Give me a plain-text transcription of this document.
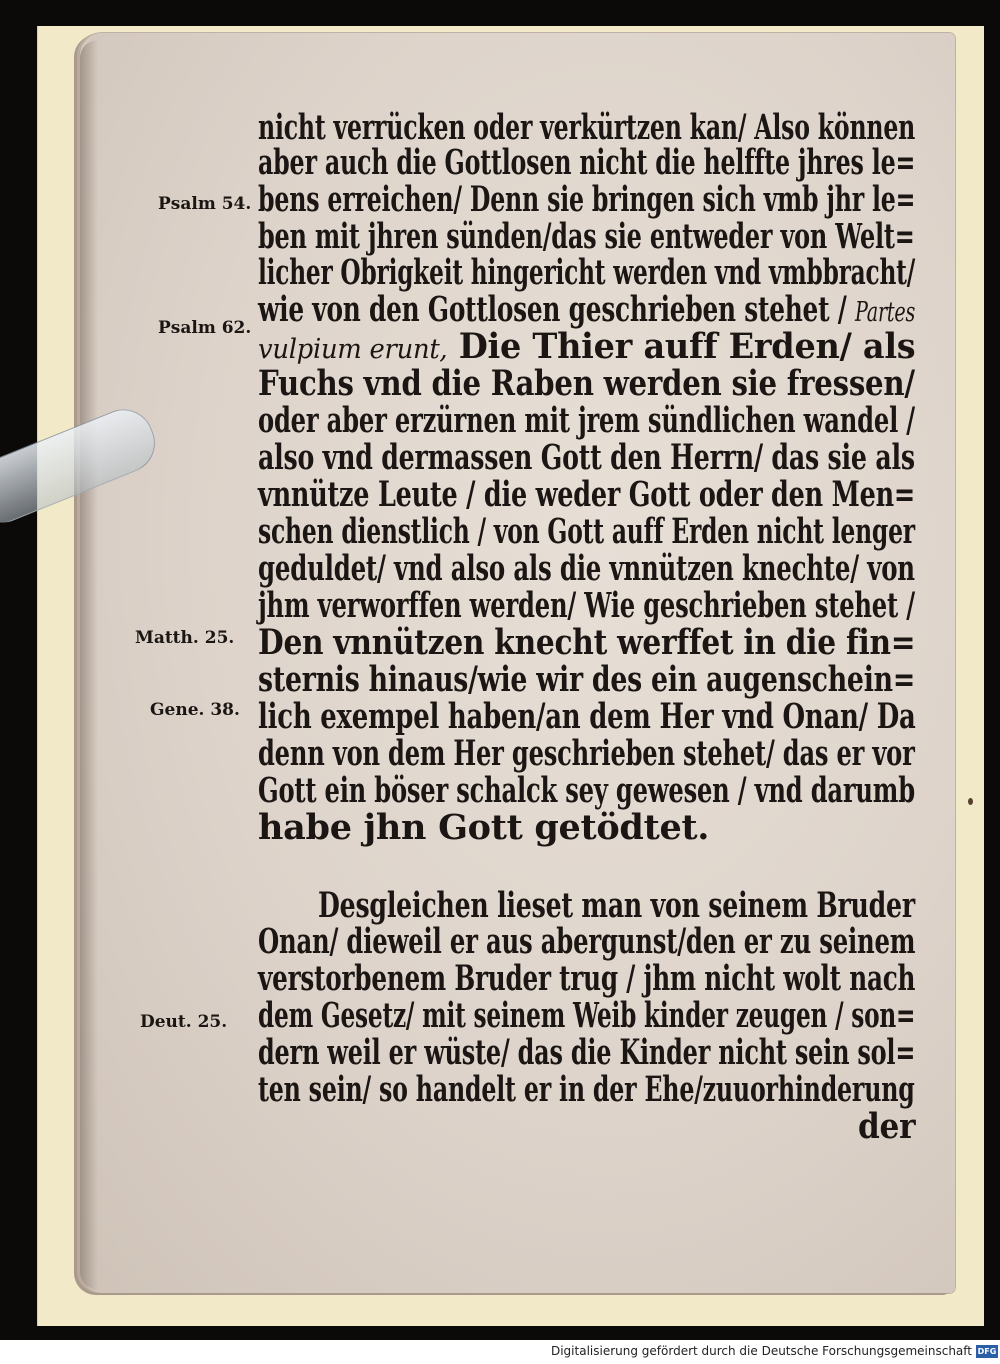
Psalm 54.
Psalm 62.
Matth. 25.
Gene. 38.
Deut. 25.
nicht verrücken oder verkürtzen kan/ Also können
aber auch die Gottlosen nicht die helffte jhres le=
bens erreichen/ Denn sie bringen sich vmb jhr le=
ben mit jhren sünden/das sie entweder von Welt=
licher Obrigkeit hingericht werden vnd vmbbracht/
wie von den Gottlosen geschrieben stehet / Partes
vulpium erunt, Die Thier auff Erden/ als
Fuchs vnd die Raben werden sie fressen/
oder aber erzürnen mit jrem sündlichen wandel /
also vnd dermassen Gott den Herrn/ das sie als
vnnütze Leute / die weder Gott oder den Men=
schen dienstlich / von Gott auff Erden nicht lenger
geduldet/ vnd also als die vnnützen knechte/ von
jhm verworffen werden/ Wie geschrieben stehet /
Den vnnützen knecht werffet in die fin=
sternis hinaus/wie wir des ein augenschein=
lich exempel haben/an dem Her vnd Onan/ Da
denn von dem Her geschrieben stehet/ das er vor
Gott ein böser schalck sey gewesen / vnd darumb
habe jhn Gott getödtet.
Desgleichen lieset man von seinem Bruder
Onan/ dieweil er aus abergunst/den er zu seinem
verstorbenem Bruder trug / jhm nicht wolt nach
dem Gesetz/ mit seinem Weib kinder zeugen / son=
dern weil er wüste/ das die Kinder nicht sein sol=
ten sein/ so handelt er in der Ehe/zuuorhinderung
der
Digitalisierung gefördert durch die Deutsche Forschungsgemeinschaft DFG
